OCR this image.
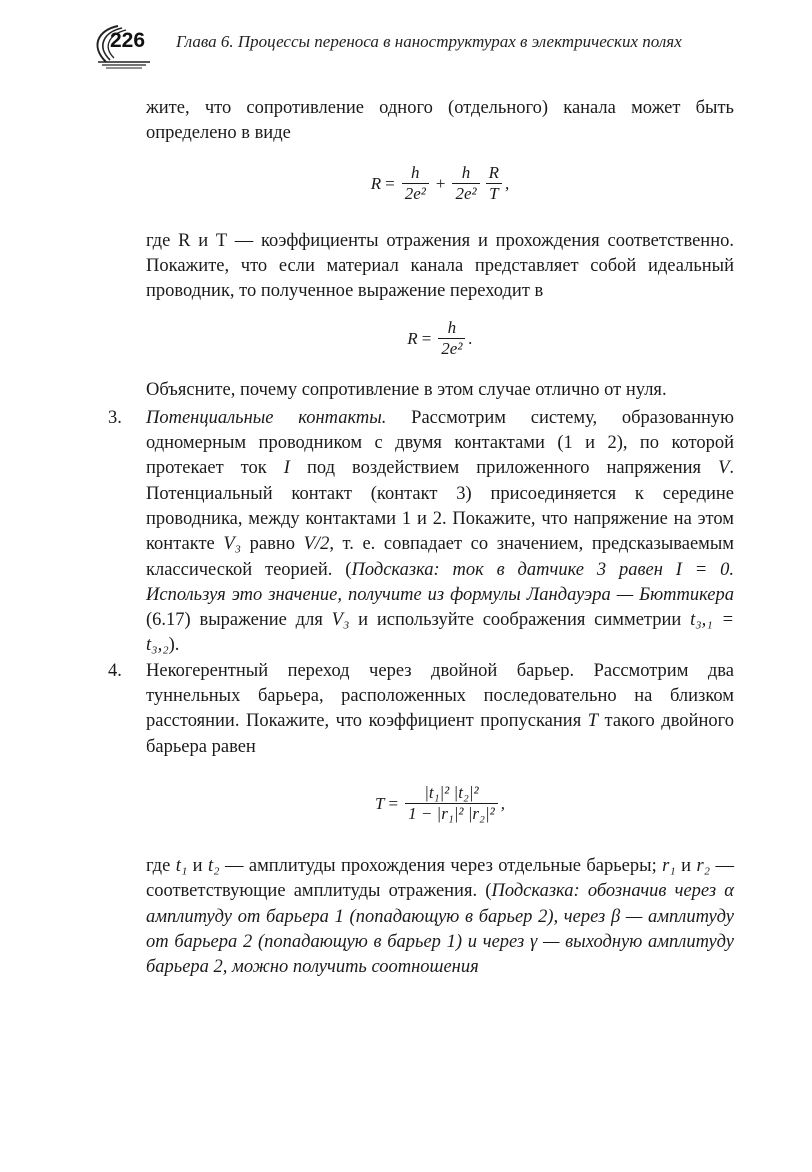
226 Глава 6. Процессы переноса в наноструктурах в электрических полях

жите, что сопротивление одного (отдельного) канала может быть определено в виде

$R = \frac{h}{\text{2e²}} + \frac{h}{\text{2e²}} \frac{R}{T}$ ,

где R и T — коэффициенты отражения и прохождения соответственно. Покажите, что если материал канала представляет собой идеальный проводник, то полученное выражение переходит в

$R = \frac{h}{\text{2e²}}$ .

Объясните, почему сопротивление в этом случае отлично от нуля.

3. Потенциальные контакты. Рассмотрим систему, образованную одномерным проводником с двумя контактами (1 и 2), по которой протекает ток I под воздействием приложенного напряжения V. Потенциальный контакт (контакт 3) присоединяется к середине проводника, между контактами 1 и 2. Покажите, что напряжение на этом контакте V₃ равно V/2, т. е. совпадает со значением, предсказываемым классической теорией. (Подсказка: ток в датчике 3 равен I = 0. Используя это значение, получите из формулы Ландауэра — Бюттикера (6.17) выражение для V₃ и используйте соображения симметрии t₃,₁ = t₃,₂).

4. Некогерентный переход через двойной барьер. Рассмотрим два туннельных барьера, расположенных последовательно на близком расстоянии. Покажите, что коэффициент пропускания T такого двойного барьера равен

$T = \frac{\text{|t₁|² |t₂|²}}{\text{1 − |r₁|² |r₂|²}}$ ,

где t₁ и t₂ — амплитуды прохождения через отдельные барьеры; r₁ и r₂ — соответствующие амплитуды отражения. (Подсказка: обозначив через α амплитуду от барьера 1 (попадающую в барьер 2), через β — амплитуду от барьера 2 (попадающую в барьер 1) и через γ — выходную амплитуду барьера 2, можно получить соотношения
